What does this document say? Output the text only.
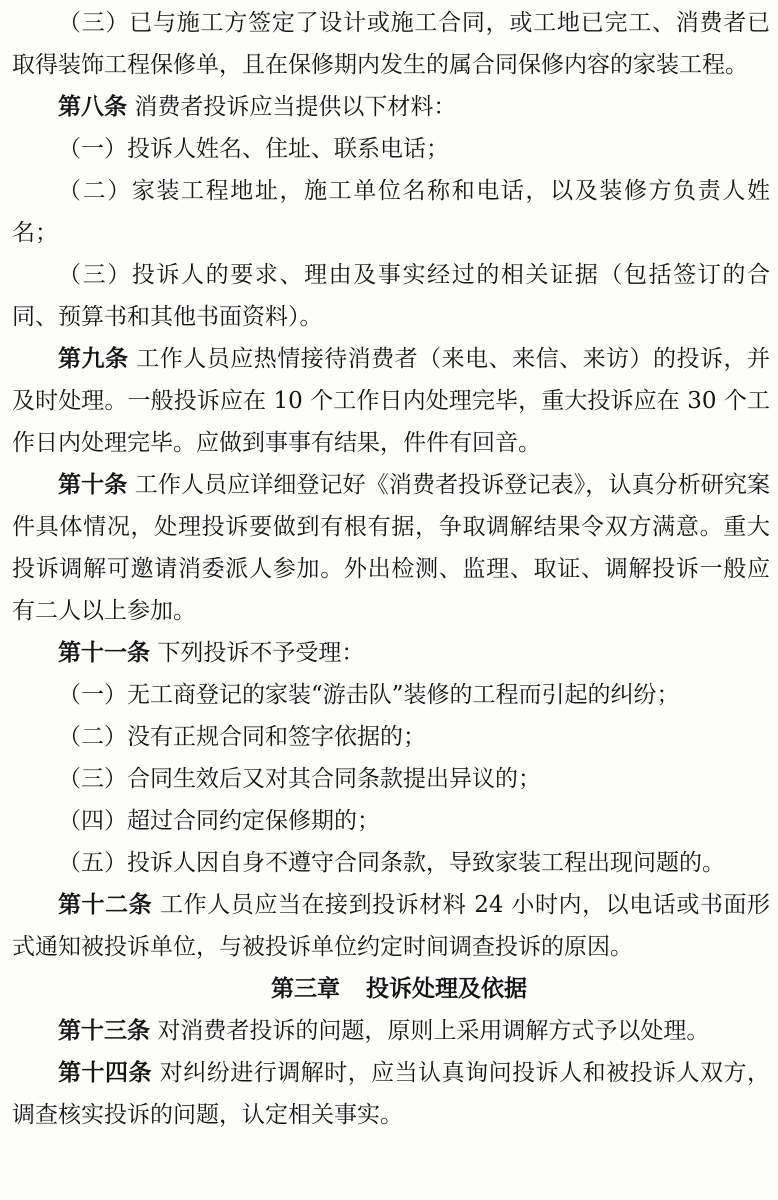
（三）已与施工方签定了设计或施工合同，或工地已完工、消费者已取得装饰工程保修单，且在保修期内发生的属合同保修内容的家装工程。

第八条 消费者投诉应当提供以下材料：

（一）投诉人姓名、住址、联系电话；

（二）家装工程地址，施工单位名称和电话，以及装修方负责人姓名；

（三）投诉人的要求、理由及事实经过的相关证据（包括签订的合同、预算书和其他书面资料）。

第九条 工作人员应热情接待消费者（来电、来信、来访）的投诉，并及时处理。一般投诉应在 10 个工作日内处理完毕，重大投诉应在 30 个工作日内处理完毕。应做到事事有结果，件件有回音。

第十条 工作人员应详细登记好《消费者投诉登记表》，认真分析研究案件具体情况，处理投诉要做到有根有据，争取调解结果令双方满意。重大投诉调解可邀请消委派人参加。外出检测、监理、取证、调解投诉一般应有二人以上参加。

第十一条 下列投诉不予受理：

（一）无工商登记的家装“游击队”装修的工程而引起的纠纷；

（二）没有正规合同和签字依据的；

（三）合同生效后又对其合同条款提出异议的；

（四）超过合同约定保修期的；

（五）投诉人因自身不遵守合同条款，导致家装工程出现问题的。

第十二条 工作人员应当在接到投诉材料 24 小时内，以电话或书面形式通知被投诉单位，与被投诉单位约定时间调查投诉的原因。

第三章 投诉处理及依据

第十三条 对消费者投诉的问题，原则上采用调解方式予以处理。

第十四条 对纠纷进行调解时，应当认真询问投诉人和被投诉人双方，调查核实投诉的问题，认定相关事实。
